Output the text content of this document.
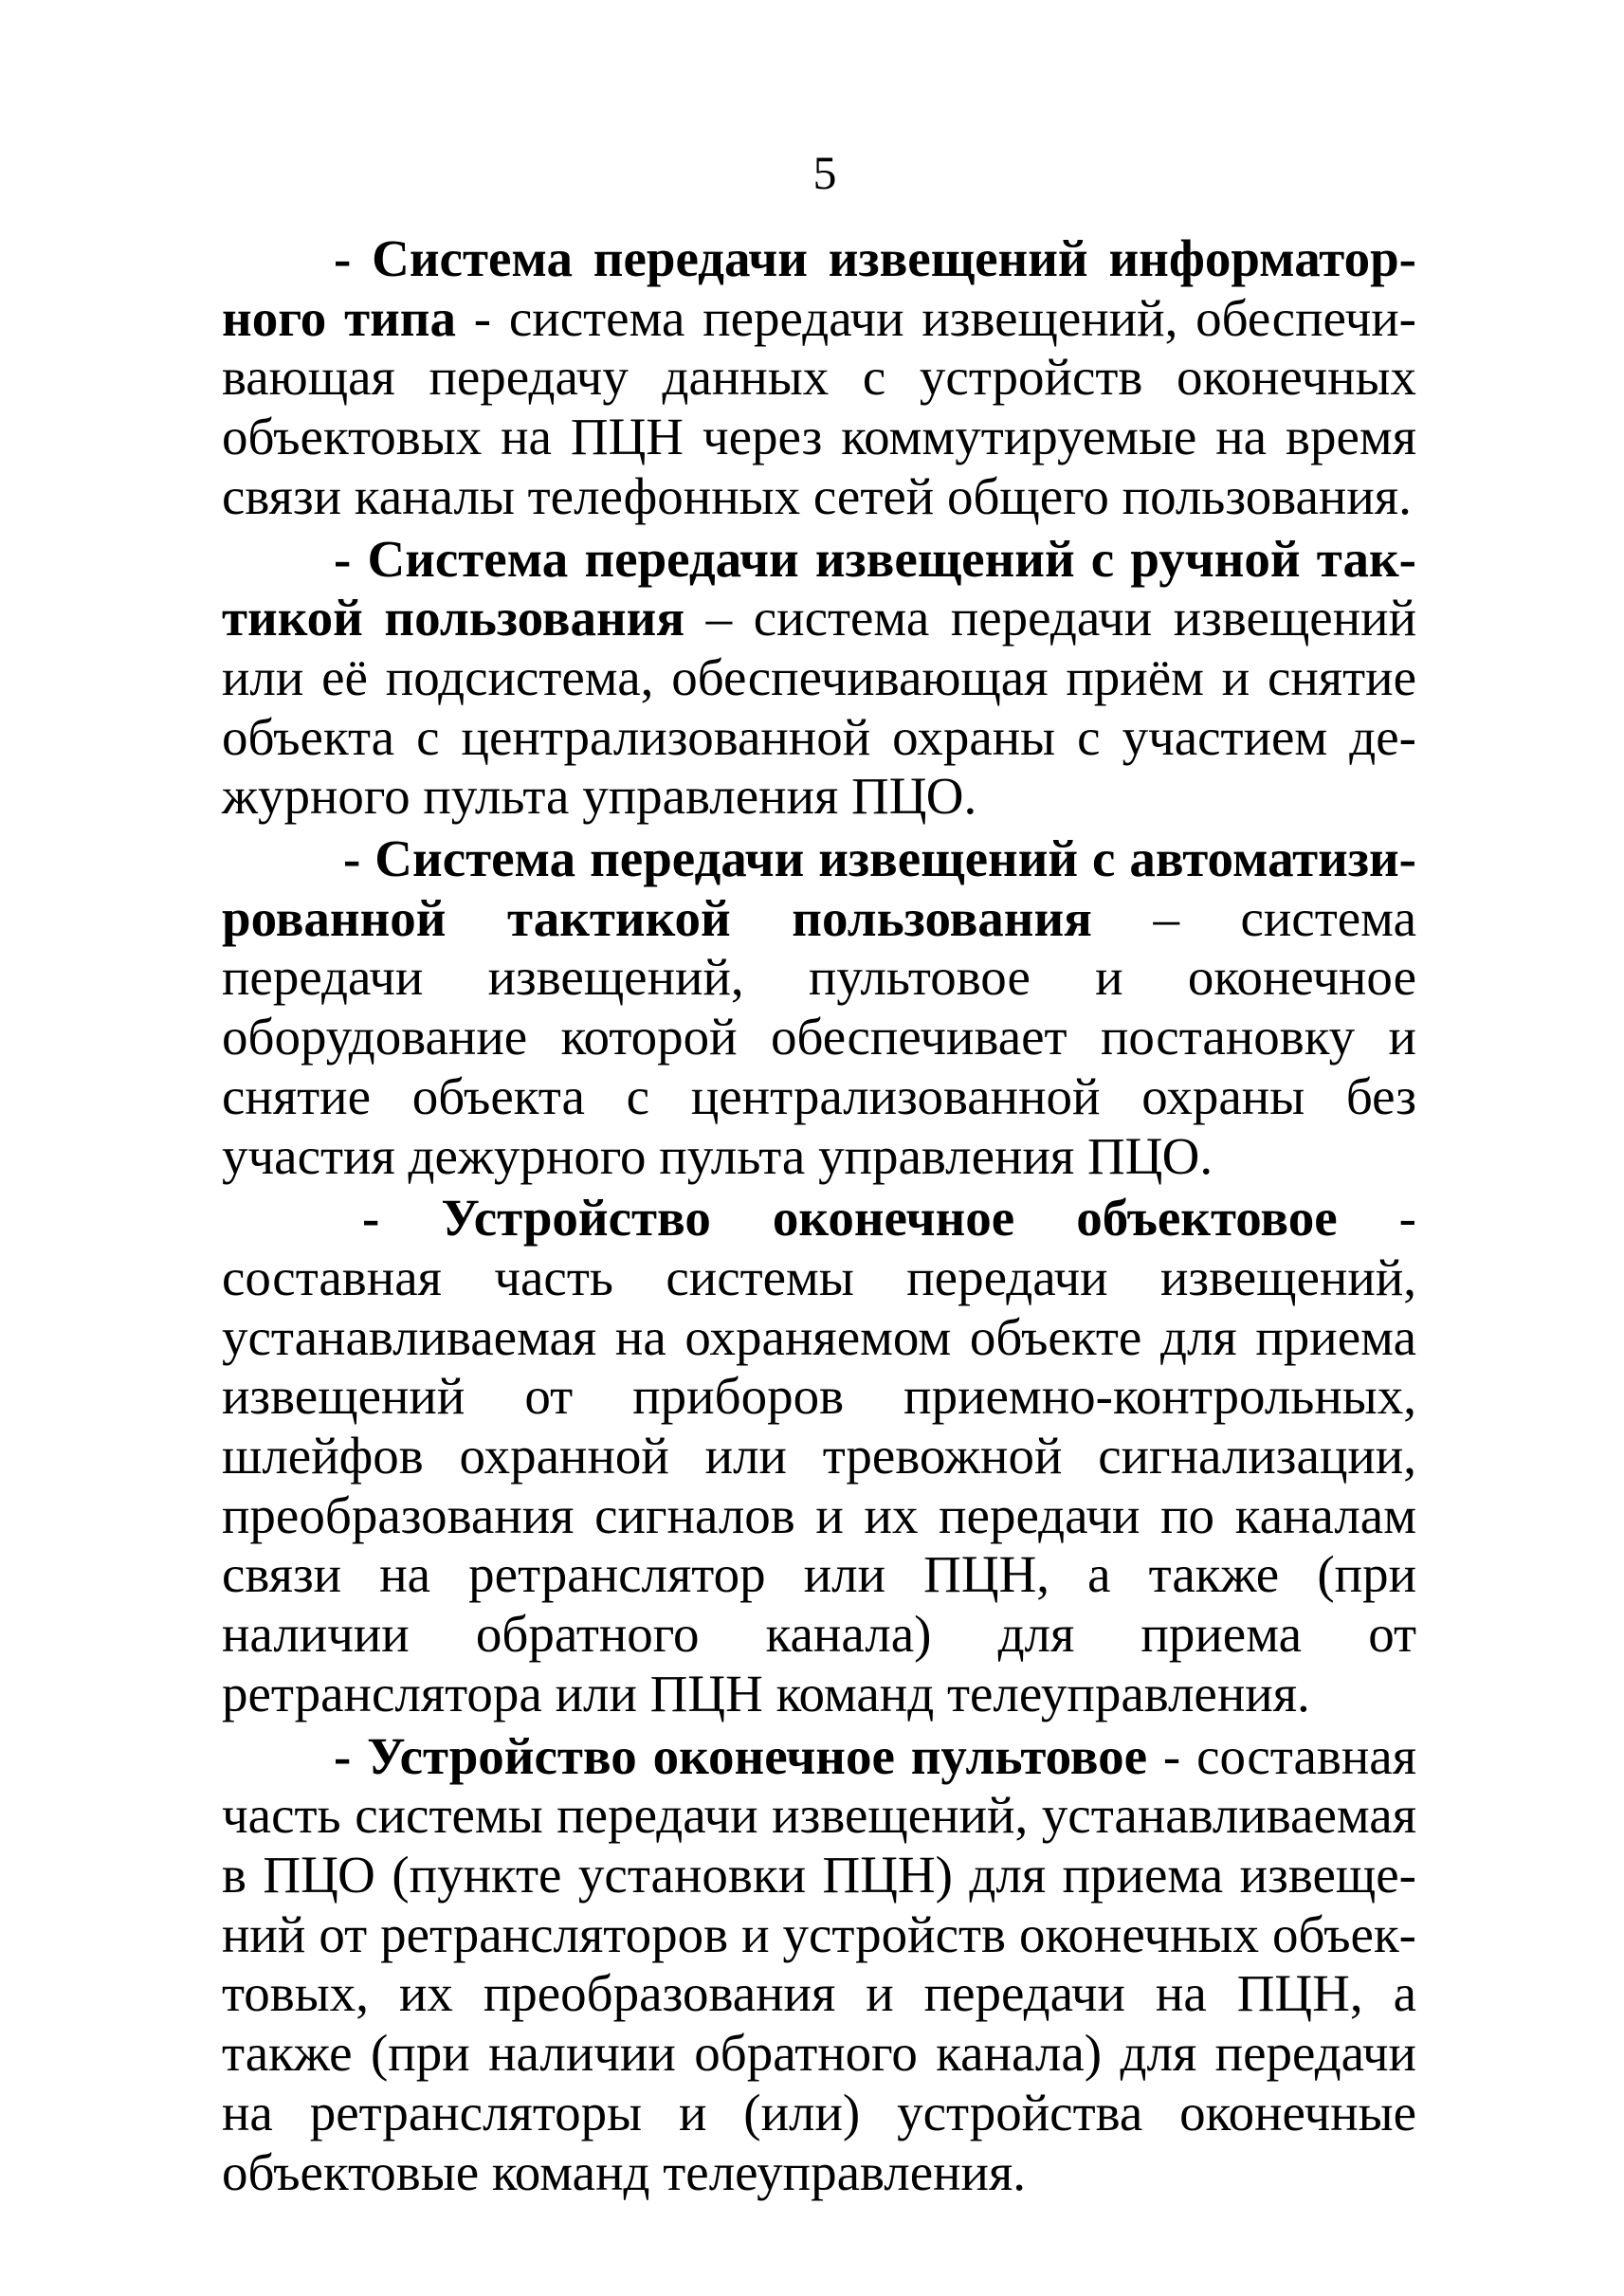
5

- Система передачи извещений информаторного типа - система передачи извещений, обеспечивающая передачу данных с устройств оконечных объектовых на ПЦН через коммутируемые на время связи каналы телефонных сетей общего пользования.

- Система передачи извещений с ручной тактикой пользования – система передачи извещений или её подсистема, обеспечивающая приём и снятие объекта с централизованной охраны с участием дежурного пульта управления ПЦО.

- Система передачи извещений с автоматизированной тактикой пользования – система передачи извещений, пультовое и оконечное оборудование которой обеспечивает постановку и снятие объекта с централизованной охраны без участия дежурного пульта управления ПЦО.

- Устройство оконечное объектовое - составная часть системы передачи извещений, устанавливаемая на охраняемом объекте для приема извещений от приборов приемно-контрольных, шлейфов охранной или тревожной сигнализации, преобразования сигналов и их передачи по каналам связи на ретранслятор или ПЦН, а также (при наличии обратного канала) для приема от ретранслятора или ПЦН команд телеуправления.

- Устройство оконечное пультовое - составная часть системы передачи извещений, устанавливаемая в ПЦО (пункте установки ПЦН) для приема извещений от ретрансляторов и устройств оконечных объектовых, их преобразования и передачи на ПЦН, а также (при наличии обратного канала) для передачи на ретрансляторы и (или) устройства оконечные объектовые команд телеуправления.
